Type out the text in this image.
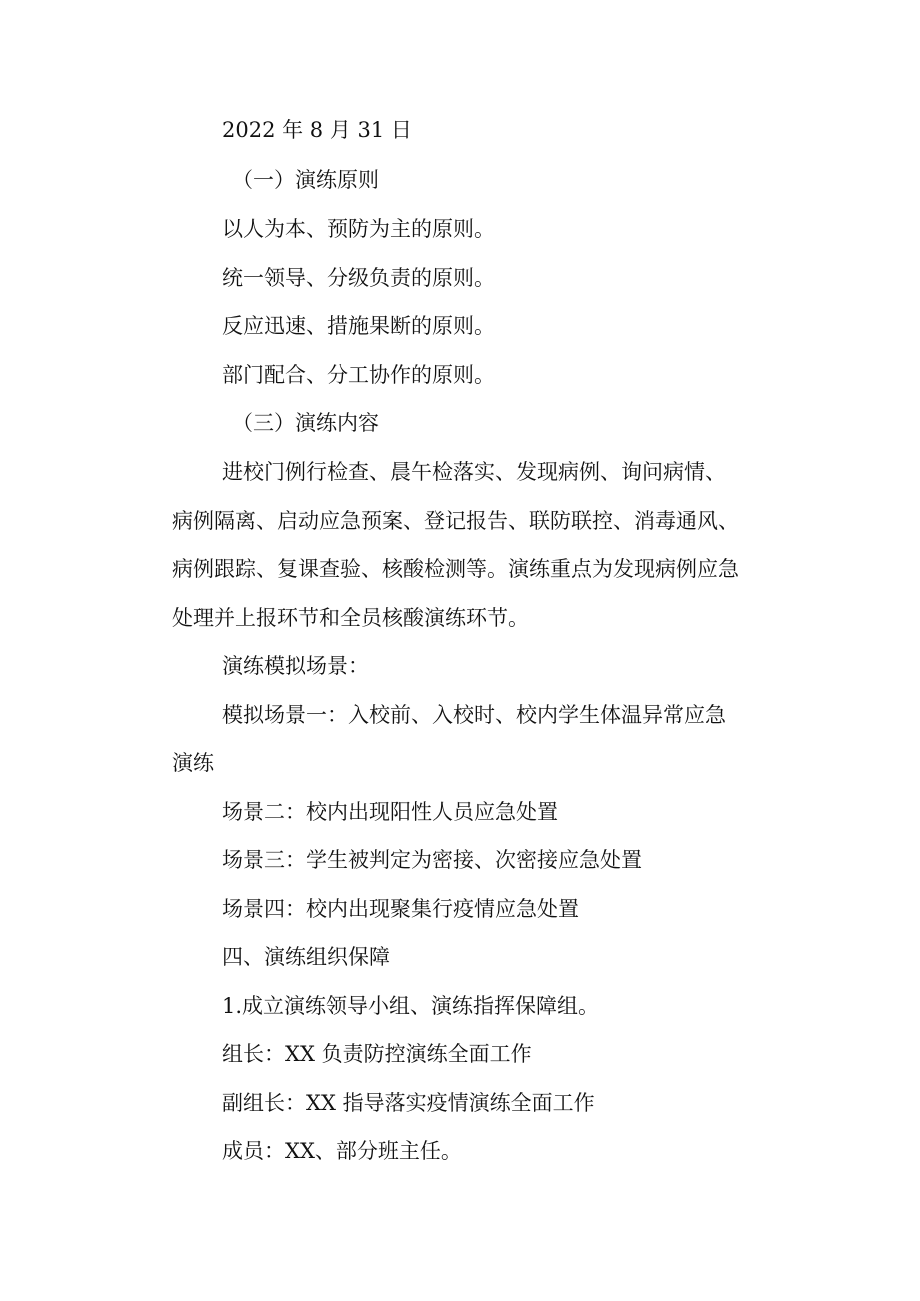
2022 年 8 月 31 日
（一）演练原则
以人为本、预防为主的原则。
统一领导、分级负责的原则。
反应迅速、措施果断的原则。
部门配合、分工协作的原则。
（三）演练内容
进校门例行检查、晨午检落实、发现病例、询问病情、
病例隔离、启动应急预案、登记报告、联防联控、消毒通风、
病例跟踪、复课查验、核酸检测等。演练重点为发现病例应急
处理并上报环节和全员核酸演练环节。
演练模拟场景：
模拟场景一：入校前、入校时、校内学生体温异常应急
演练
场景二：校内出现阳性人员应急处置
场景三：学生被判定为密接、次密接应急处置
场景四：校内出现聚集行疫情应急处置
四、演练组织保障
1.成立演练领导小组、演练指挥保障组。
组长：XX 负责防控演练全面工作
副组长：XX 指导落实疫情演练全面工作
成员：XX、部分班主任。
